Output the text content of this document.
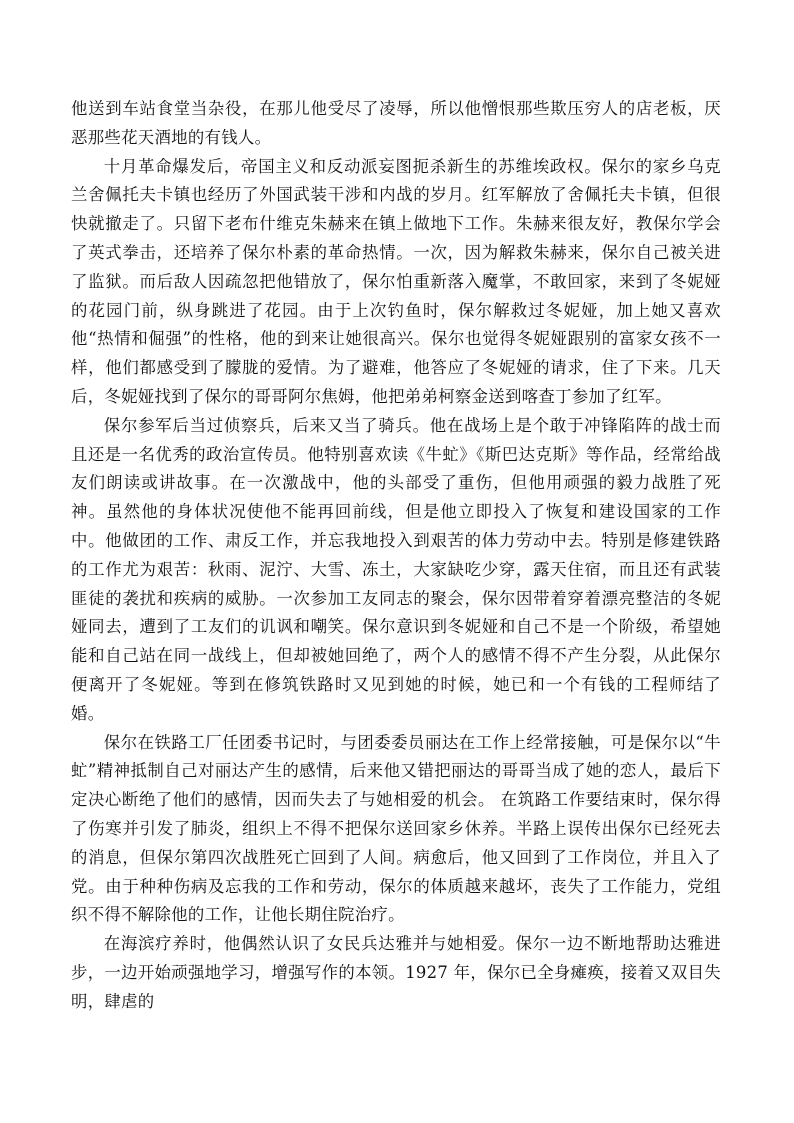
他送到车站食堂当杂役，在那儿他受尽了凌辱，所以他憎恨那些欺压穷人的店老板，厌恶那些花天酒地的有钱人。

十月革命爆发后，帝国主义和反动派妄图扼杀新生的苏维埃政权。保尔的家乡乌克兰舍佩托夫卡镇也经历了外国武装干涉和内战的岁月。红军解放了舍佩托夫卡镇，但很快就撤走了。只留下老布什维克朱赫来在镇上做地下工作。朱赫来很友好，教保尔学会了英式拳击，还培养了保尔朴素的革命热情。一次，因为解救朱赫来，保尔自己被关进了监狱。而后敌人因疏忽把他错放了，保尔怕重新落入魔掌，不敢回家，来到了冬妮娅的花园门前，纵身跳进了花园。由于上次钓鱼时，保尔解救过冬妮娅，加上她又喜欢他“热情和倔强”的性格，他的到来让她很高兴。保尔也觉得冬妮娅跟别的富家女孩不一样，他们都感受到了朦胧的爱情。为了避难，他答应了冬妮娅的请求，住了下来。几天后，冬妮娅找到了保尔的哥哥阿尔焦姆，他把弟弟柯察金送到喀查丁参加了红军。

保尔参军后当过侦察兵，后来又当了骑兵。他在战场上是个敢于冲锋陷阵的战士而且还是一名优秀的政治宣传员。他特别喜欢读《牛虻》《斯巴达克斯》等作品，经常给战友们朗读或讲故事。在一次激战中，他的头部受了重伤，但他用顽强的毅力战胜了死神。虽然他的身体状况使他不能再回前线，但是他立即投入了恢复和建设国家的工作中。他做团的工作、肃反工作，并忘我地投入到艰苦的体力劳动中去。特别是修建铁路的工作尤为艰苦：秋雨、泥泞、大雪、冻土，大家缺吃少穿，露天住宿，而且还有武装匪徒的袭扰和疾病的威胁。一次参加工友同志的聚会，保尔因带着穿着漂亮整洁的冬妮娅同去，遭到了工友们的讥讽和嘲笑。保尔意识到冬妮娅和自己不是一个阶级，希望她能和自己站在同一战线上，但却被她回绝了，两个人的感情不得不产生分裂，从此保尔便离开了冬妮娅。等到在修筑铁路时又见到她的时候，她已和一个有钱的工程师结了婚。

保尔在铁路工厂任团委书记时，与团委委员丽达在工作上经常接触，可是保尔以“牛虻”精神抵制自己对丽达产生的感情，后来他又错把丽达的哥哥当成了她的恋人，最后下定决心断绝了他们的感情，因而失去了与她相爱的机会。 在筑路工作要结束时，保尔得了伤寒并引发了肺炎，组织上不得不把保尔送回家乡休养。半路上误传出保尔已经死去的消息，但保尔第四次战胜死亡回到了人间。病愈后，他又回到了工作岗位，并且入了党。由于种种伤病及忘我的工作和劳动，保尔的体质越来越坏，丧失了工作能力，党组织不得不解除他的工作，让他长期住院治疗。

在海滨疗养时，他偶然认识了女民兵达雅并与她相爱。保尔一边不断地帮助达雅进步，一边开始顽强地学习，增强写作的本领。1927 年，保尔已全身瘫痪，接着又双目失明，肆虐的
